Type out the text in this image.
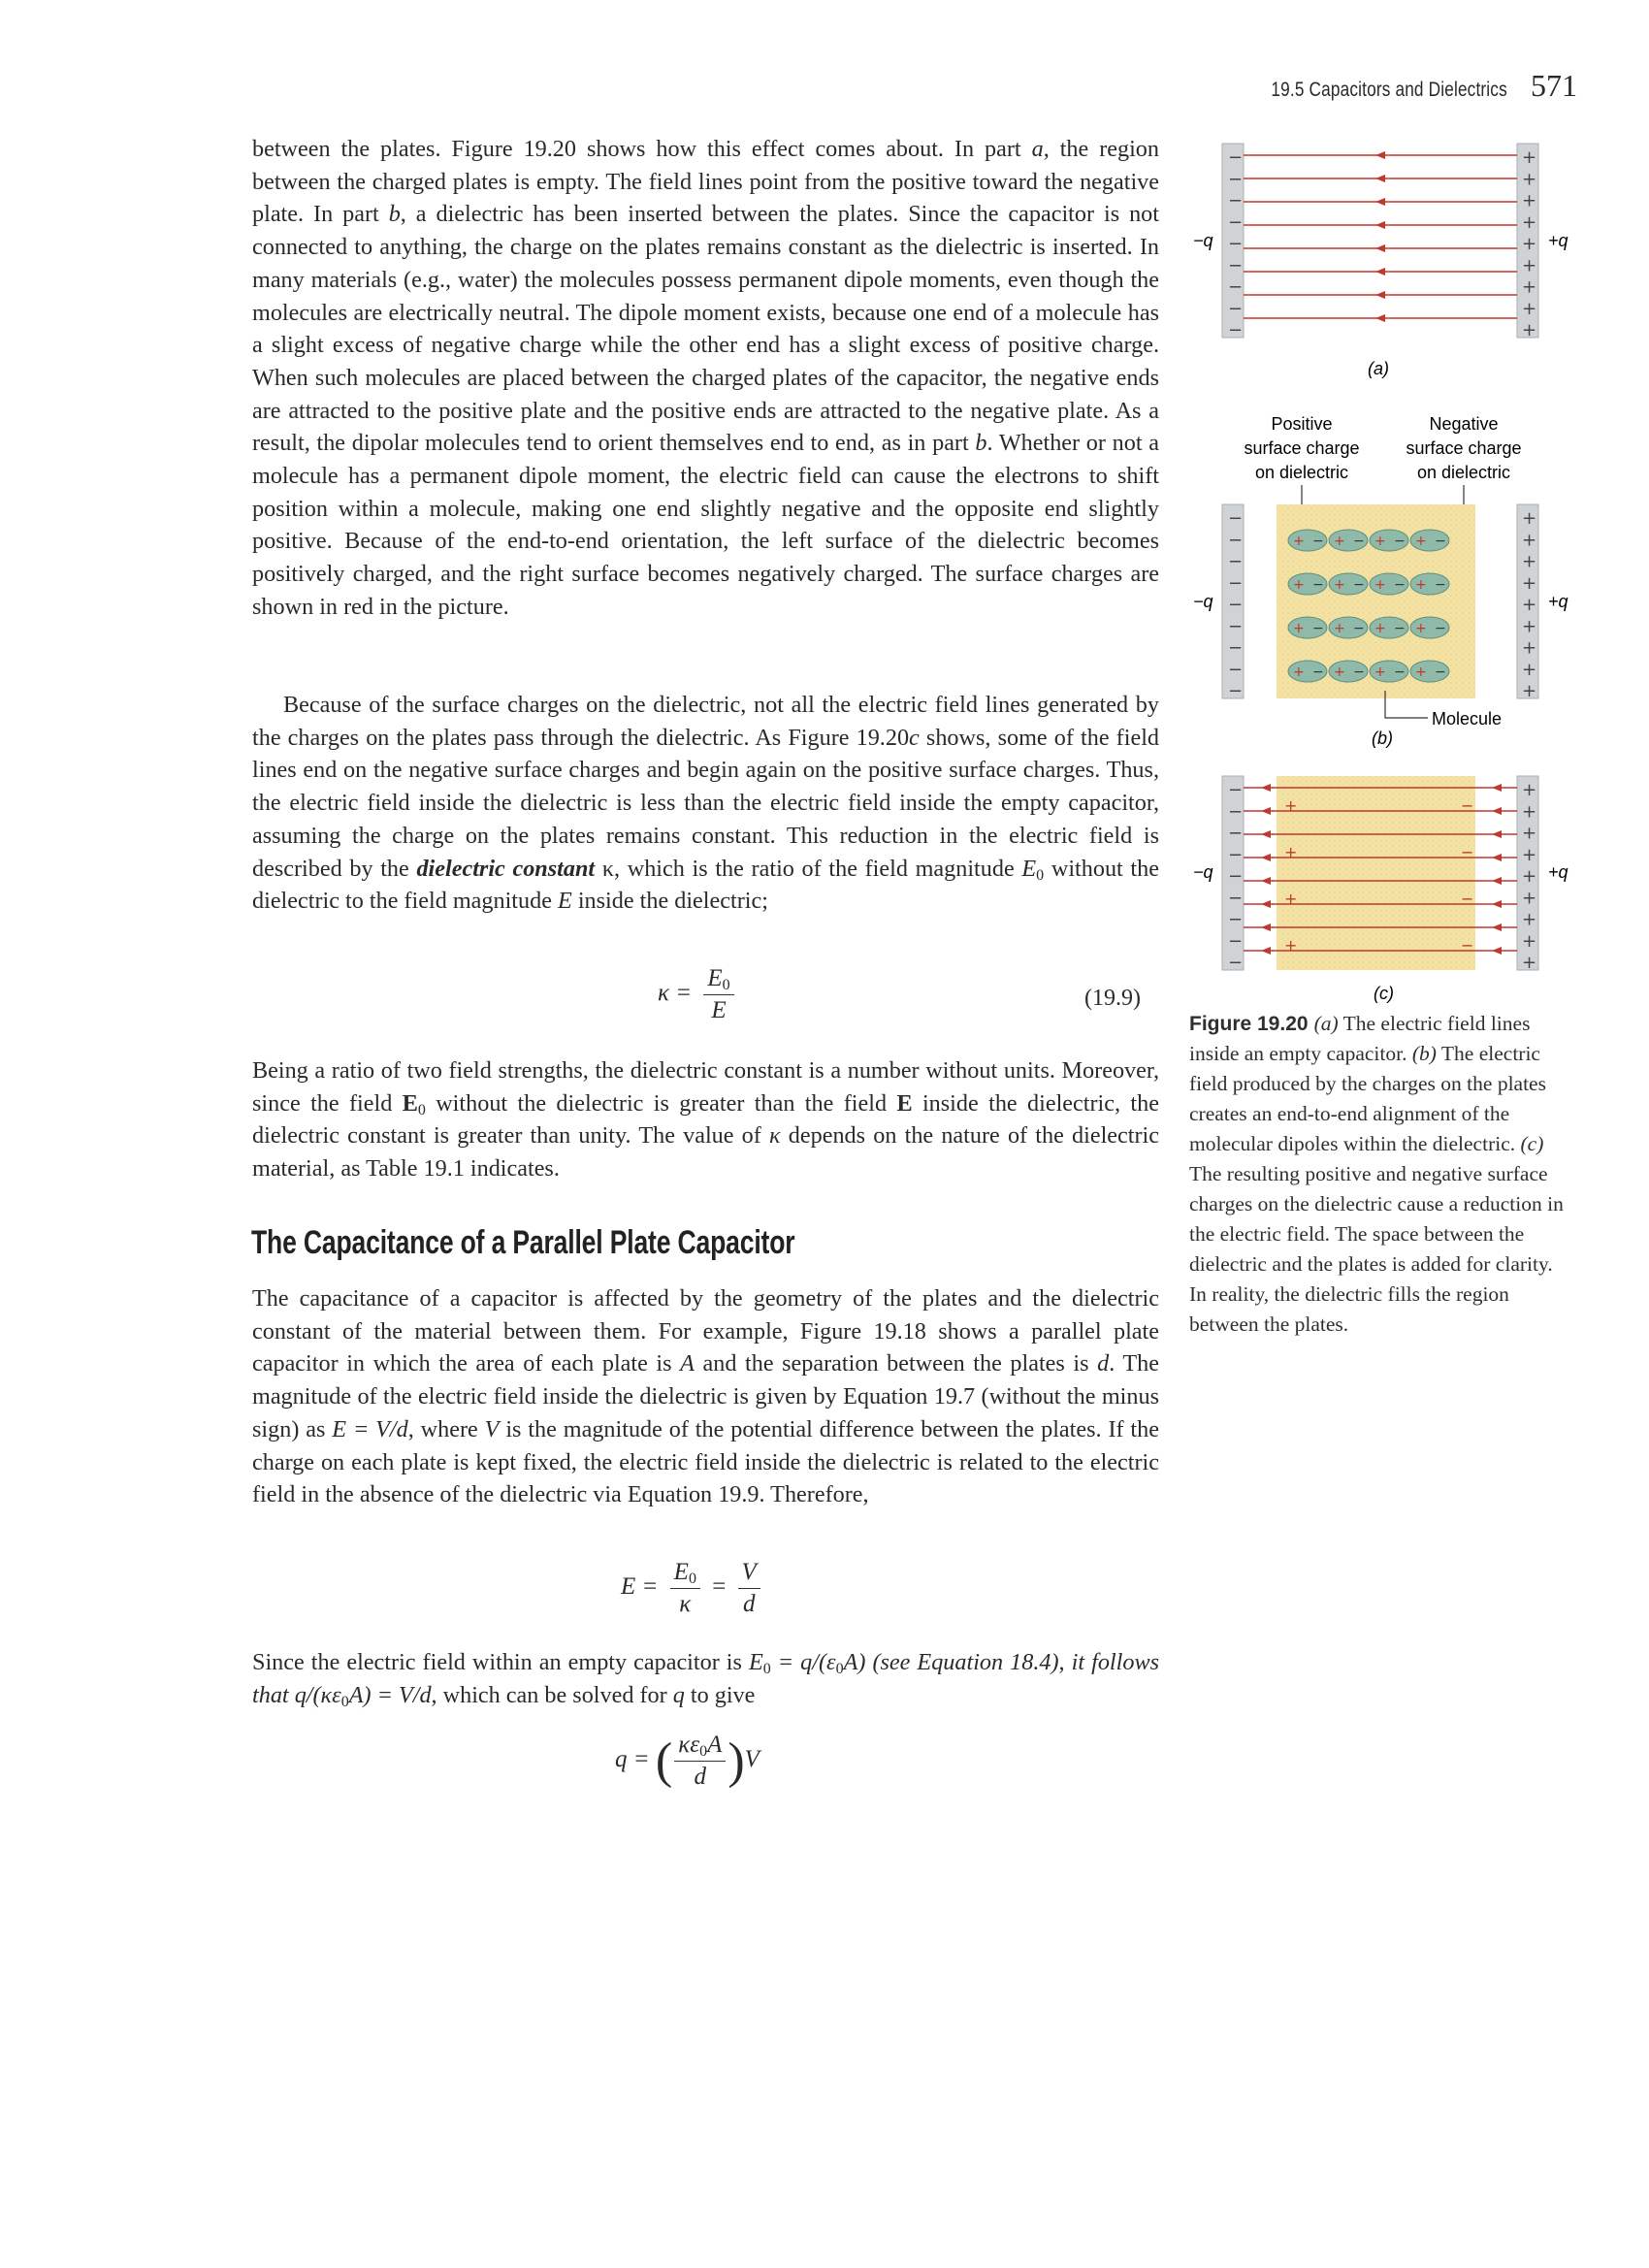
19.5 Capacitors and Dielectrics 571

between the plates. Figure 19.20 shows how this effect comes about. In part a, the region between the charged plates is empty. The field lines point from the positive toward the negative plate. In part b, a dielectric has been inserted between the plates. Since the capacitor is not connected to anything, the charge on the plates remains constant as the dielectric is inserted. In many materials (e.g., water) the molecules possess permanent dipole moments, even though the molecules are electrically neutral. The dipole moment exists, because one end of a molecule has a slight excess of negative charge while the other end has a slight excess of positive charge. When such molecules are placed between the charged plates of the capacitor, the negative ends are attracted to the positive plate and the positive ends are attracted to the negative plate. As a result, the dipolar molecules tend to orient themselves end to end, as in part b. Whether or not a molecule has a permanent dipole moment, the electric field can cause the electrons to shift position within a molecule, making one end slightly negative and the opposite end slightly positive. Because of the end-to-end orientation, the left surface of the dielectric becomes positively charged, and the right surface becomes negatively charged. The surface charges are shown in red in the picture.

Because of the surface charges on the dielectric, not all the electric field lines generated by the charges on the plates pass through the dielectric. As Figure 19.20c shows, some of the field lines end on the negative surface charges and begin again on the positive surface charges. Thus, the electric field inside the dielectric is less than the electric field inside the empty capacitor, assuming the charge on the plates remains constant. This reduction in the electric field is described by the dielectric constant κ, which is the ratio of the field magnitude $E_0$ without the dielectric to the field magnitude E inside the dielectric;

$\kappa = \frac{E_0}{E}$	(19.9)

Being a ratio of two field strengths, the dielectric constant is a number without units. Moreover, since the field $E_0$ without the dielectric is greater than the field E inside the dielectric, the dielectric constant is greater than unity. The value of κ depends on the nature of the dielectric material, as Table 19.1 indicates.

The Capacitance of a Parallel Plate Capacitor

The capacitance of a capacitor is affected by the geometry of the plates and the dielectric constant of the material between them. For example, Figure 19.18 shows a parallel plate capacitor in which the area of each plate is A and the separation between the plates is d. The magnitude of the electric field inside the dielectric is given by Equation 19.7 (without the minus sign) as E = V/d, where V is the magnitude of the potential difference between the plates. If the charge on each plate is kept fixed, the electric field inside the dielectric is related to the electric field in the absence of the dielectric via Equation 19.9. Therefore,

$E = \frac{E_0}{\kappa} = \frac{V}{d}$

Since the electric field within an empty capacitor is $E_0 = q/(\varepsilon_0A)$ (see Equation 18.4), it follows that $q/(\kappa\varepsilon_0A) = V/d$, which can be solved for q to give

q = ( $\frac{\kappa\varepsilon_0A}{d} )V$
−	+
−	+
−	+
−	+
−	+
−	+
−	+
−	+
−	+
−q	+q
(a)
Positive
surface charge
on dielectric
Negative
surface charge
on dielectric
+ − + − + − + −
+ − + − + − + −
+ − + − + − + −
+ − + − + − + −
−	+
−	+
−	+
−	+
−	+
−	+
−	+
−	+
−	+
−q	+q
Molecule
(b)
+	−
+	−
+	−
+	−
−	+
−	+
−	+
−	+
−	+
−	+
−	+
−	+
−	+
−q	+q
(c)
Figure 19.20 (a) The electric field lines inside an empty capacitor. (b) The electric field produced by the charges on the plates creates an end-to-end alignment of the molecular dipoles within the dielectric. (c) The resulting positive and negative surface charges on the dielectric cause a reduction in the electric field. The space between the dielectric and the plates is added for clarity. In reality, the dielectric fills the region between the plates.
